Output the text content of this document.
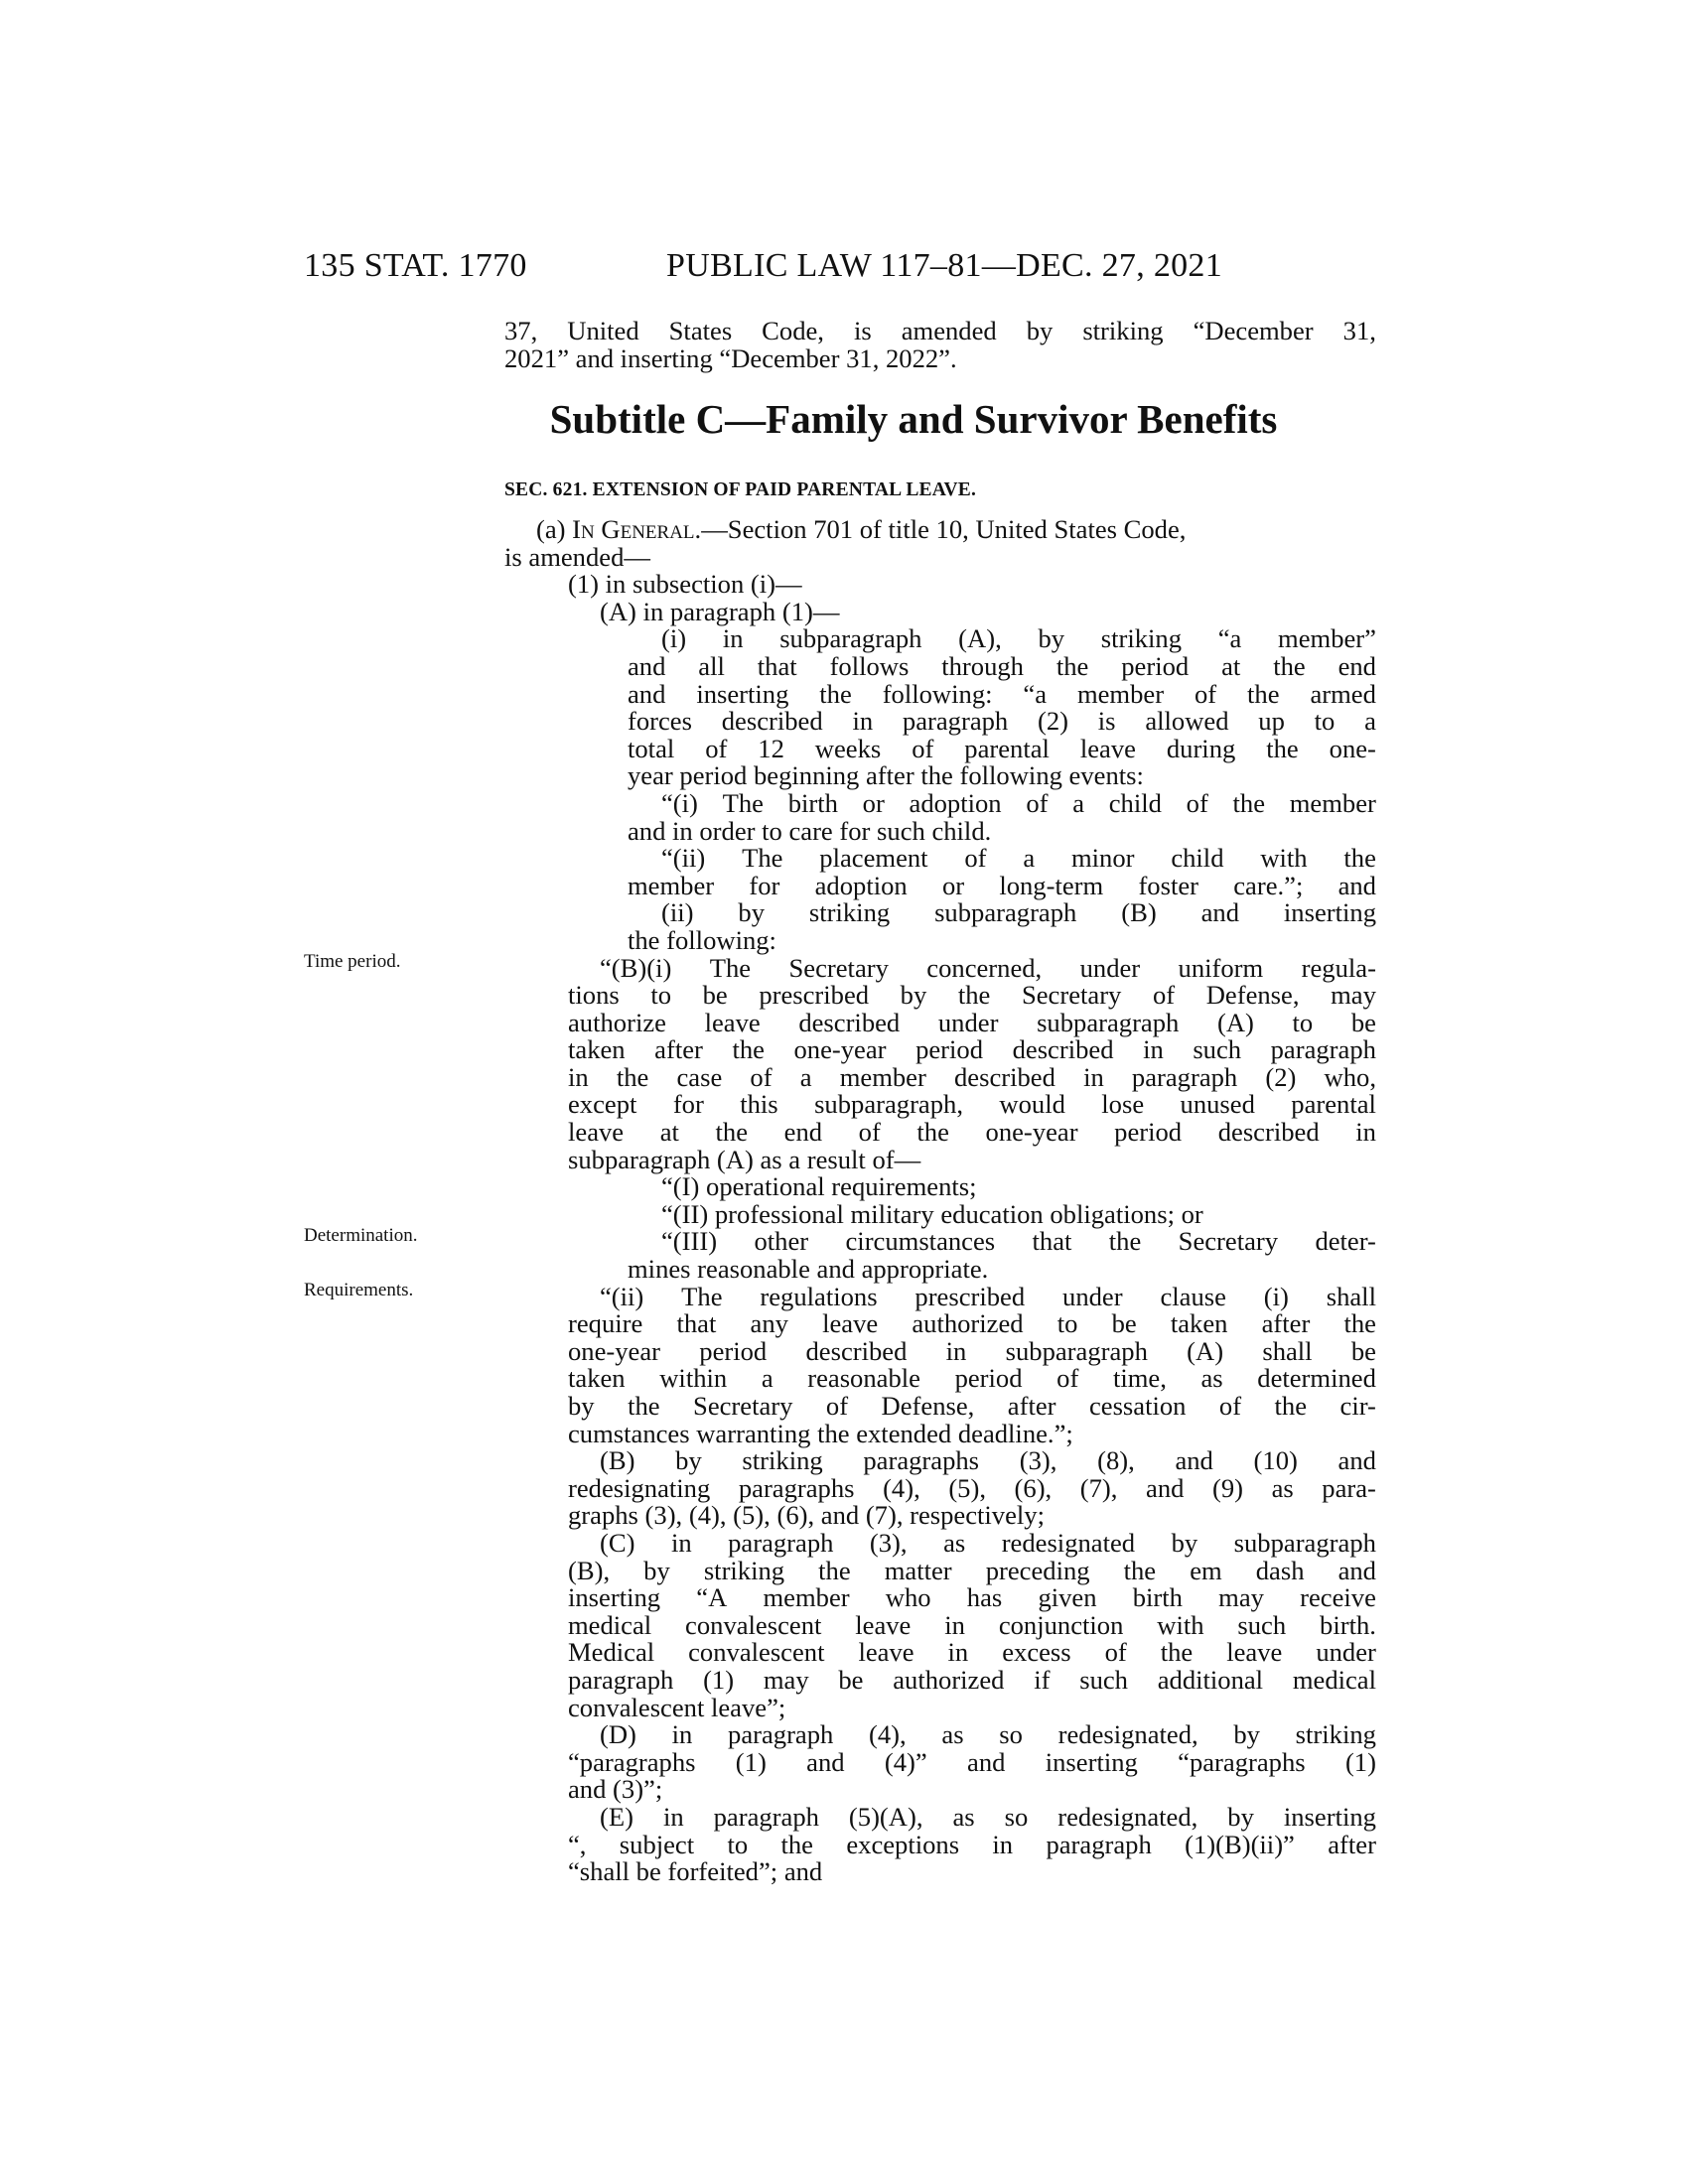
135 STAT. 1770	PUBLIC LAW 117–81—DEC. 27, 2021
37, United States Code, is amended by striking “December 31,
2021” and inserting “December 31, 2022”.
Subtitle C—Family and Survivor Benefits
SEC. 621. EXTENSION OF PAID PARENTAL LEAVE.
Time period.
Determination.
Requirements.
(a) In General.—Section 701 of title 10, United States Code,
is amended—
(1) in subsection (i)—
(A) in paragraph (1)—
(i) in subparagraph (A), by striking “a member”
and all that follows through the period at the end
and inserting the following: “a member of the armed
forces described in paragraph (2) is allowed up to a
total of 12 weeks of parental leave during the one-
year period beginning after the following events:
“(i) The birth or adoption of a child of the member
and in order to care for such child.
“(ii) The placement of a minor child with the
member for adoption or long-term foster care.”; and
(ii) by striking subparagraph (B) and inserting
the following:
“(B)(i) The Secretary concerned, under uniform regula-
tions to be prescribed by the Secretary of Defense, may
authorize leave described under subparagraph (A) to be
taken after the one-year period described in such paragraph
in the case of a member described in paragraph (2) who,
except for this subparagraph, would lose unused parental
leave at the end of the one-year period described in
subparagraph (A) as a result of—
“(I) operational requirements;
“(II) professional military education obligations; or
“(III) other circumstances that the Secretary deter-
mines reasonable and appropriate.
“(ii) The regulations prescribed under clause (i) shall
require that any leave authorized to be taken after the
one-year period described in subparagraph (A) shall be
taken within a reasonable period of time, as determined
by the Secretary of Defense, after cessation of the cir-
cumstances warranting the extended deadline.”;
(B) by striking paragraphs (3), (8), and (10) and
redesignating paragraphs (4), (5), (6), (7), and (9) as para-
graphs (3), (4), (5), (6), and (7), respectively;
(C) in paragraph (3), as redesignated by subparagraph
(B), by striking the matter preceding the em dash and
inserting “A member who has given birth may receive
medical convalescent leave in conjunction with such birth.
Medical convalescent leave in excess of the leave under
paragraph (1) may be authorized if such additional medical
convalescent leave”;
(D) in paragraph (4), as so redesignated, by striking
“paragraphs (1) and (4)” and inserting “paragraphs (1)
and (3)”;
(E) in paragraph (5)(A), as so redesignated, by inserting
“, subject to the exceptions in paragraph (1)(B)(ii)” after
“shall be forfeited”; and
